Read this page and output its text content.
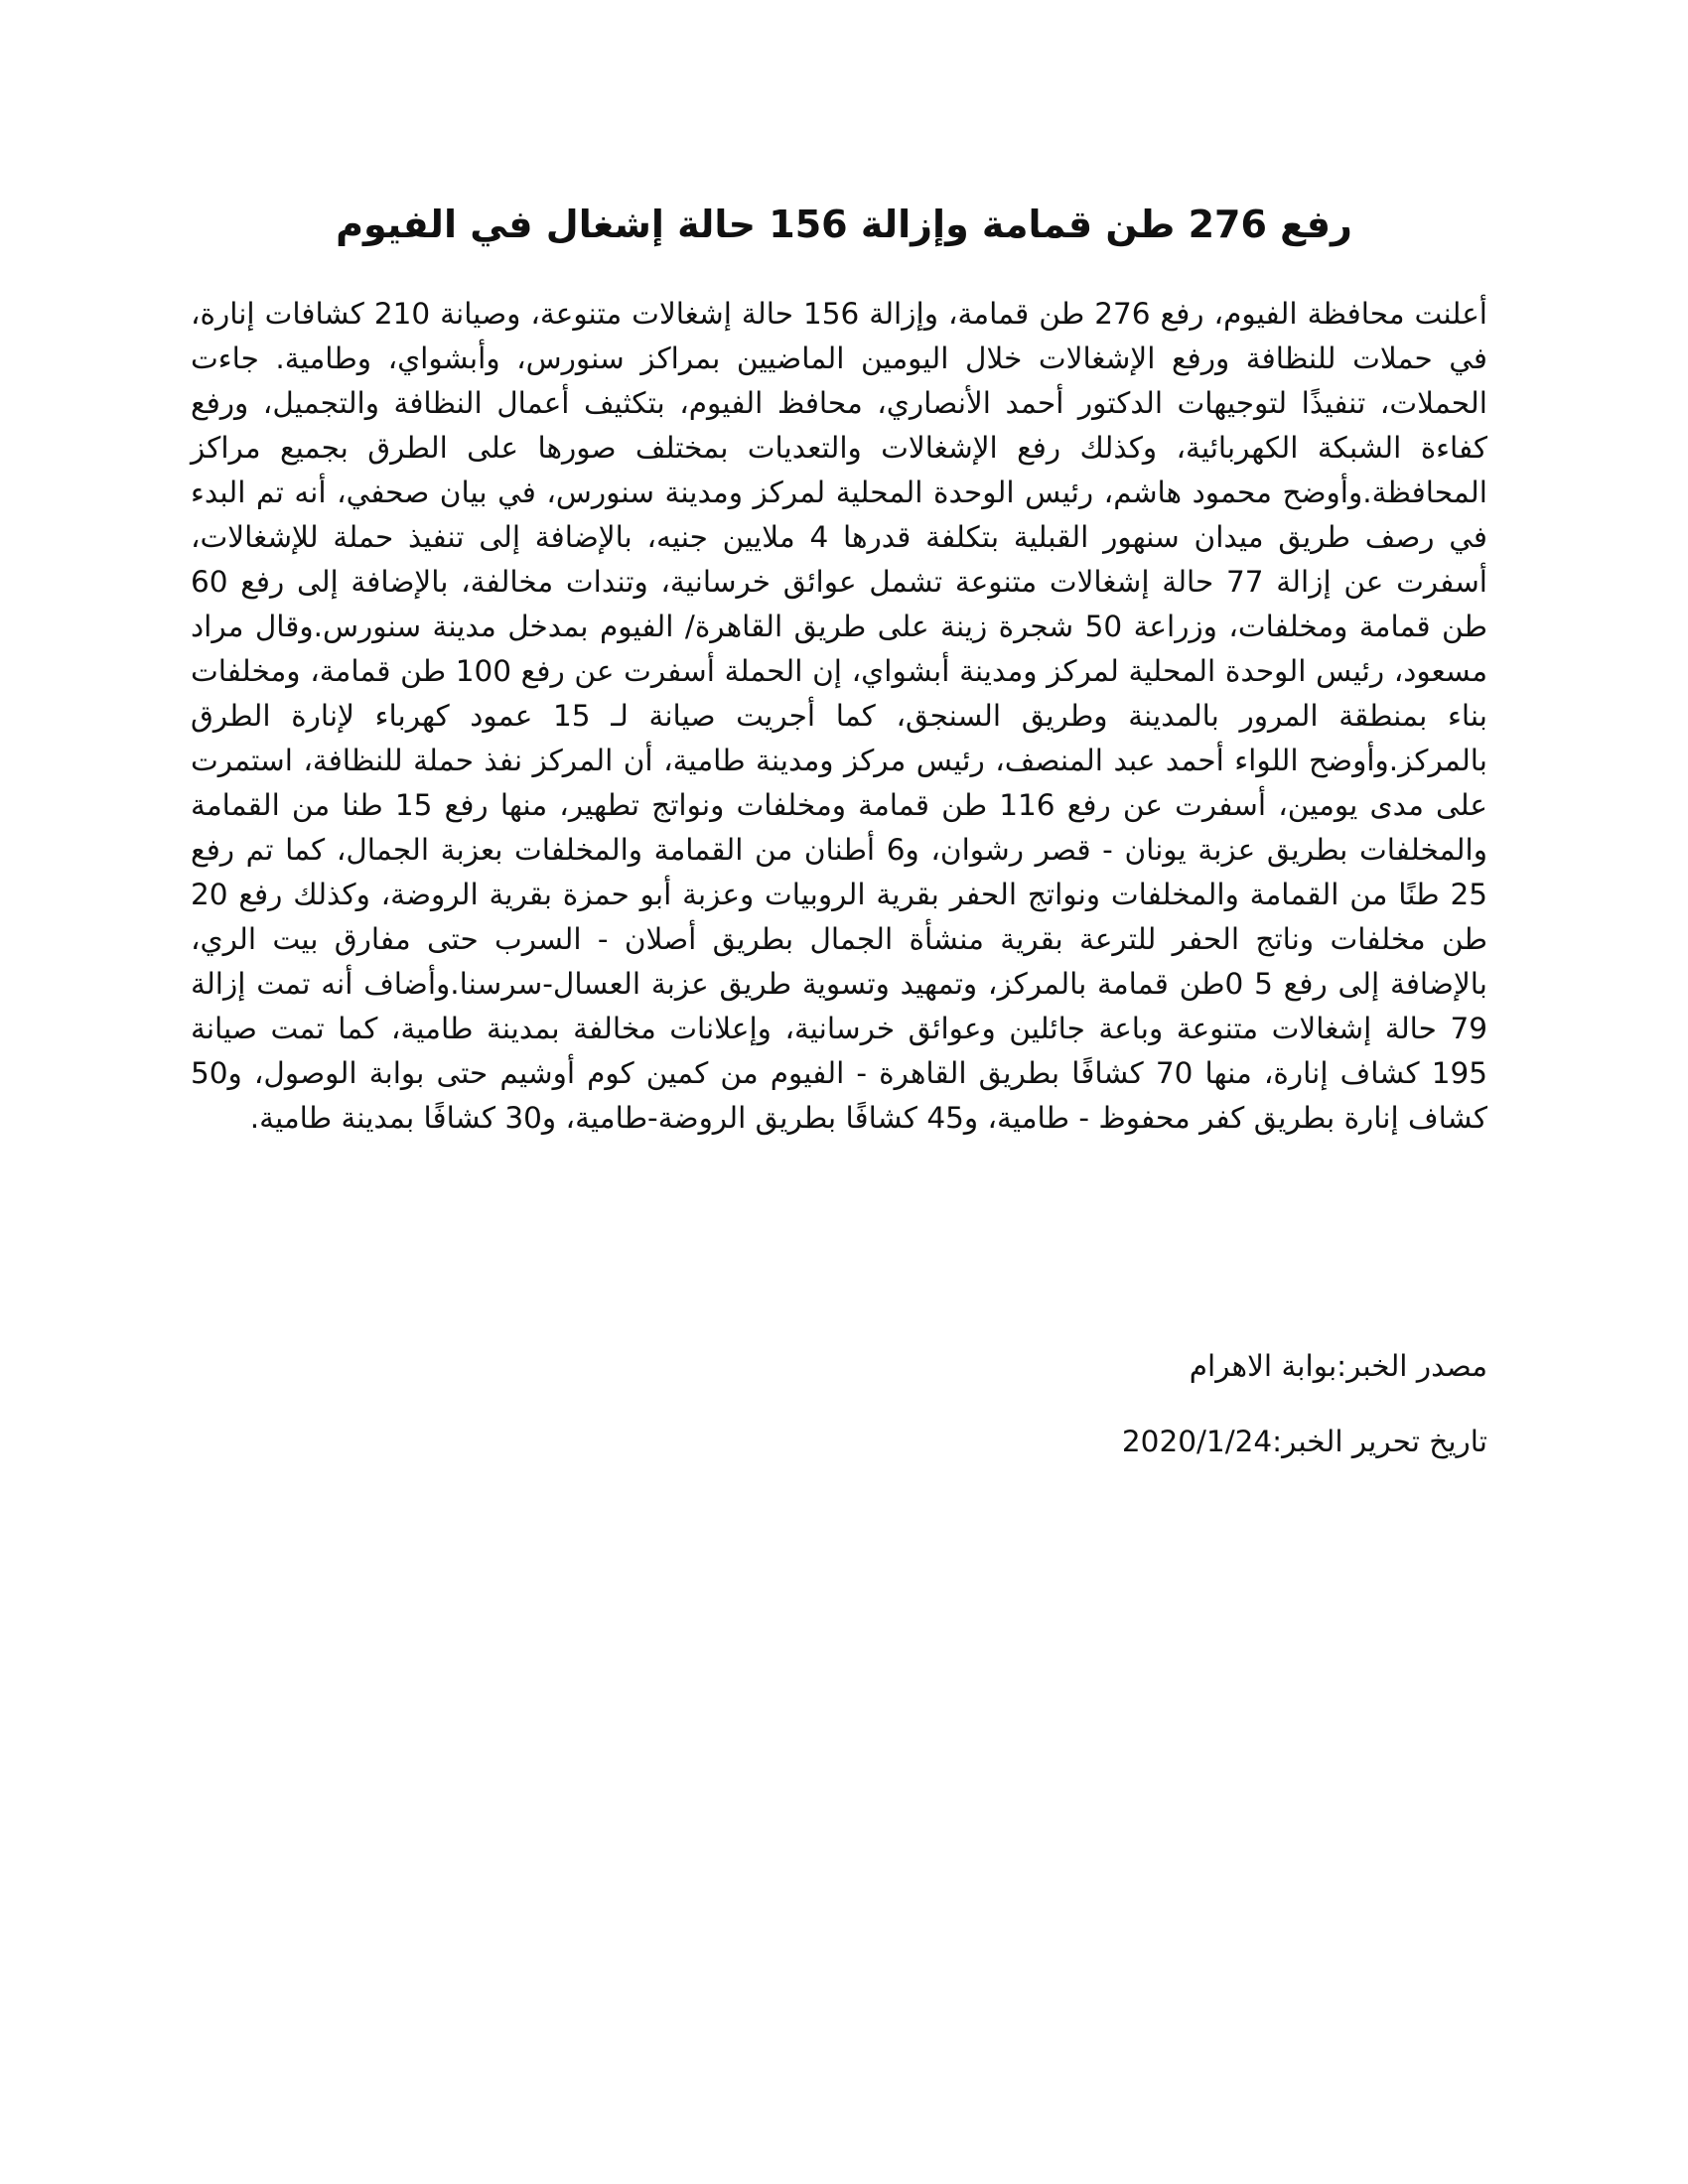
رفع 276 طن قمامة وإزالة 156 حالة إشغال في الفيوم

أعلنت محافظة الفيوم، رفع 276 طن قمامة، وإزالة 156 حالة إشغالات متنوعة، وصيانة 210 كشافات إنارة، في حملات للنظافة ورفع الإشغالات خلال اليومين الماضيين بمراكز سنورس، وأبشواي، وطامية. جاءت الحملات، تنفيذًا لتوجيهات الدكتور أحمد الأنصاري، محافظ الفيوم، بتكثيف أعمال النظافة والتجميل، ورفع كفاءة الشبكة الكهربائية، وكذلك رفع الإشغالات والتعديات بمختلف صورها على الطرق بجميع مراكز المحافظة.وأوضح محمود هاشم، رئيس الوحدة المحلية لمركز ومدينة سنورس، في بيان صحفي، أنه تم البدء في رصف طريق ميدان سنهور القبلية بتكلفة قدرها 4 ملايين جنيه، بالإضافة إلى تنفيذ حملة للإشغالات، أسفرت عن إزالة 77 حالة إشغالات متنوعة تشمل عوائق خرسانية، وتندات مخالفة، بالإضافة إلى رفع 60 طن قمامة ومخلفات، وزراعة 50 شجرة زينة على طريق القاهرة/ الفيوم بمدخل مدينة سنورس.وقال مراد مسعود، رئيس الوحدة المحلية لمركز ومدينة أبشواي، إن الحملة أسفرت عن رفع 100 طن قمامة، ومخلفات بناء بمنطقة المرور بالمدينة وطريق السنجق، كما أجريت صيانة لـ 15 عمود كهرباء لإنارة الطرق بالمركز.وأوضح اللواء أحمد عبد المنصف، رئيس مركز ومدينة طامية، أن المركز نفذ حملة للنظافة، استمرت على مدى يومين، أسفرت عن رفع 116 طن قمامة ومخلفات ونواتج تطهير، منها رفع 15 طنا من القمامة والمخلفات بطريق عزبة يونان - قصر رشوان، و6 أطنان من القمامة والمخلفات بعزبة الجمال، كما تم رفع 25 طنًا من القمامة والمخلفات ونواتج الحفر بقرية الروبيات وعزبة أبو حمزة بقرية الروضة، وكذلك رفع 20 طن مخلفات وناتج الحفر للترعة بقرية منشأة الجمال بطريق أصلان - السرب حتى مفارق بيت الري، بالإضافة إلى رفع 5 0طن قمامة بالمركز، وتمهيد وتسوية طريق عزبة العسال-سرسنا.وأضاف أنه تمت إزالة 79 حالة إشغالات متنوعة وباعة جائلين وعوائق خرسانية، وإعلانات مخالفة بمدينة طامية، كما تمت صيانة 195 كشاف إنارة، منها 70 كشافًا بطريق القاهرة - الفيوم من كمين كوم أوشيم حتى بوابة الوصول، و50 كشاف إنارة بطريق كفر محفوظ - طامية، و45 كشافًا بطريق الروضة-طامية، و30 كشافًا بمدينة طامية.

مصدر الخبر:بوابة الاهرام

تاريخ تحرير الخبر:2020/1/24
